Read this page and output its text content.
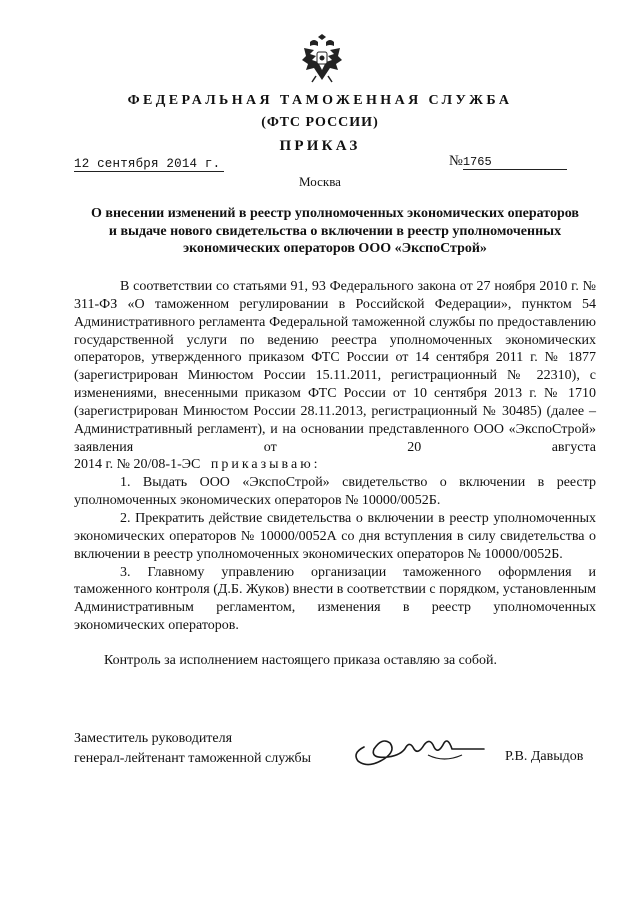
ФЕДЕРАЛЬНАЯ ТАМОЖЕННАЯ СЛУЖБА
(ФТС РОССИИ)
ПРИКАЗ
12 сентября 2014 г.	№1765
Москва
О внесении изменений в реестр уполномоченных экономических операторов
и выдаче нового свидетельства о включении в реестр уполномоченных
экономических операторов ООО «ЭкспоСтрой»

В соответствии со статьями 91, 93 Федерального закона от 27 ноября 2010 г. № 311-ФЗ «О таможенном регулировании в Российской Федерации», пунктом 54 Административного регламента Федеральной таможенной службы по предоставлению государственной услуги по ведению реестра уполномоченных экономических операторов, утвержденного приказом ФТС России от 14 сентября 2011 г. № 1877 (зарегистрирован Минюстом России 15.11.2011, регистрационный № 22310), с изменениями, внесенными приказом ФТС России от 10 сентября 2013 г. № 1710 (зарегистрирован Минюстом России 28.11.2013, регистрационный № 30485) (далее – Административный регламент), и на основании представленного ООО «ЭкспоСтрой» заявления от 20 августа

2014 г. № 20/08-1-ЭС приказываю:

1. Выдать ООО «ЭкспоСтрой» свидетельство о включении в реестр уполномоченных экономических операторов № 10000/0052Б.

2. Прекратить действие свидетельства о включении в реестр уполномоченных экономических операторов № 10000/0052А со дня вступления в силу свидетельства о включении в реестр уполномоченных экономических операторов № 10000/0052Б.

3. Главному управлению организации таможенного оформления и таможенного контроля (Д.Б. Жуков) внести в соответствии с порядком, установленным Административным регламентом, изменения в реестр уполномоченных экономических операторов.

Контроль за исполнением настоящего приказа оставляю за собой.
Заместитель руководителя
генерал-лейтенант таможенной службы	Р.В. Давыдов
